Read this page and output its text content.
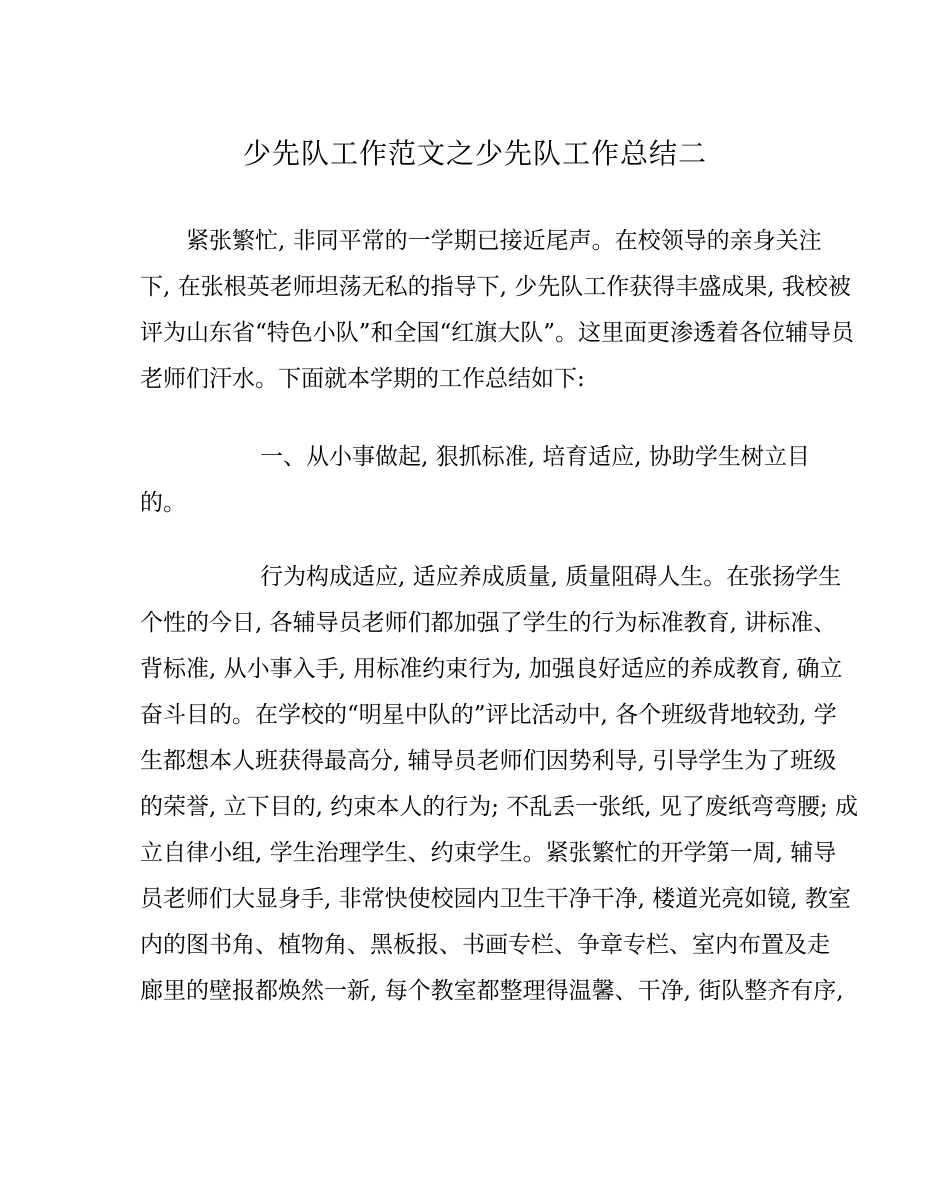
少先队工作范文之少先队工作总结二
紧张繁忙, 非同平常的一学期已接近尾声。在校领导的亲身关注
下, 在张根英老师坦荡无私的指导下, 少先队工作获得丰盛成果, 我校被
评为山东省“特色小队”和全国“红旗大队”。这里面更渗透着各位辅导员
老师们汗水。下面就本学期的工作总结如下:
一、从小事做起, 狠抓标准, 培育适应, 协助学生树立目
的。
行为构成适应, 适应养成质量, 质量阻碍人生。在张扬学生
个性的今日, 各辅导员老师们都加强了学生的行为标准教育, 讲标准、
背标准, 从小事入手, 用标准约束行为, 加强良好适应的养成教育, 确立
奋斗目的。在学校的“明星中队的”评比活动中, 各个班级背地较劲, 学
生都想本人班获得最高分, 辅导员老师们因势利导, 引导学生为了班级
的荣誉, 立下目的, 约束本人的行为; 不乱丢一张纸, 见了废纸弯弯腰; 成
立自律小组, 学生治理学生、约束学生。紧张繁忙的开学第一周, 辅导
员老师们大显身手, 非常快使校园内卫生干净干净, 楼道光亮如镜, 教室
内的图书角、植物角、黑板报、书画专栏、争章专栏、室内布置及走
廊里的壁报都焕然一新, 每个教室都整理得温馨、干净, 街队整齐有序,
